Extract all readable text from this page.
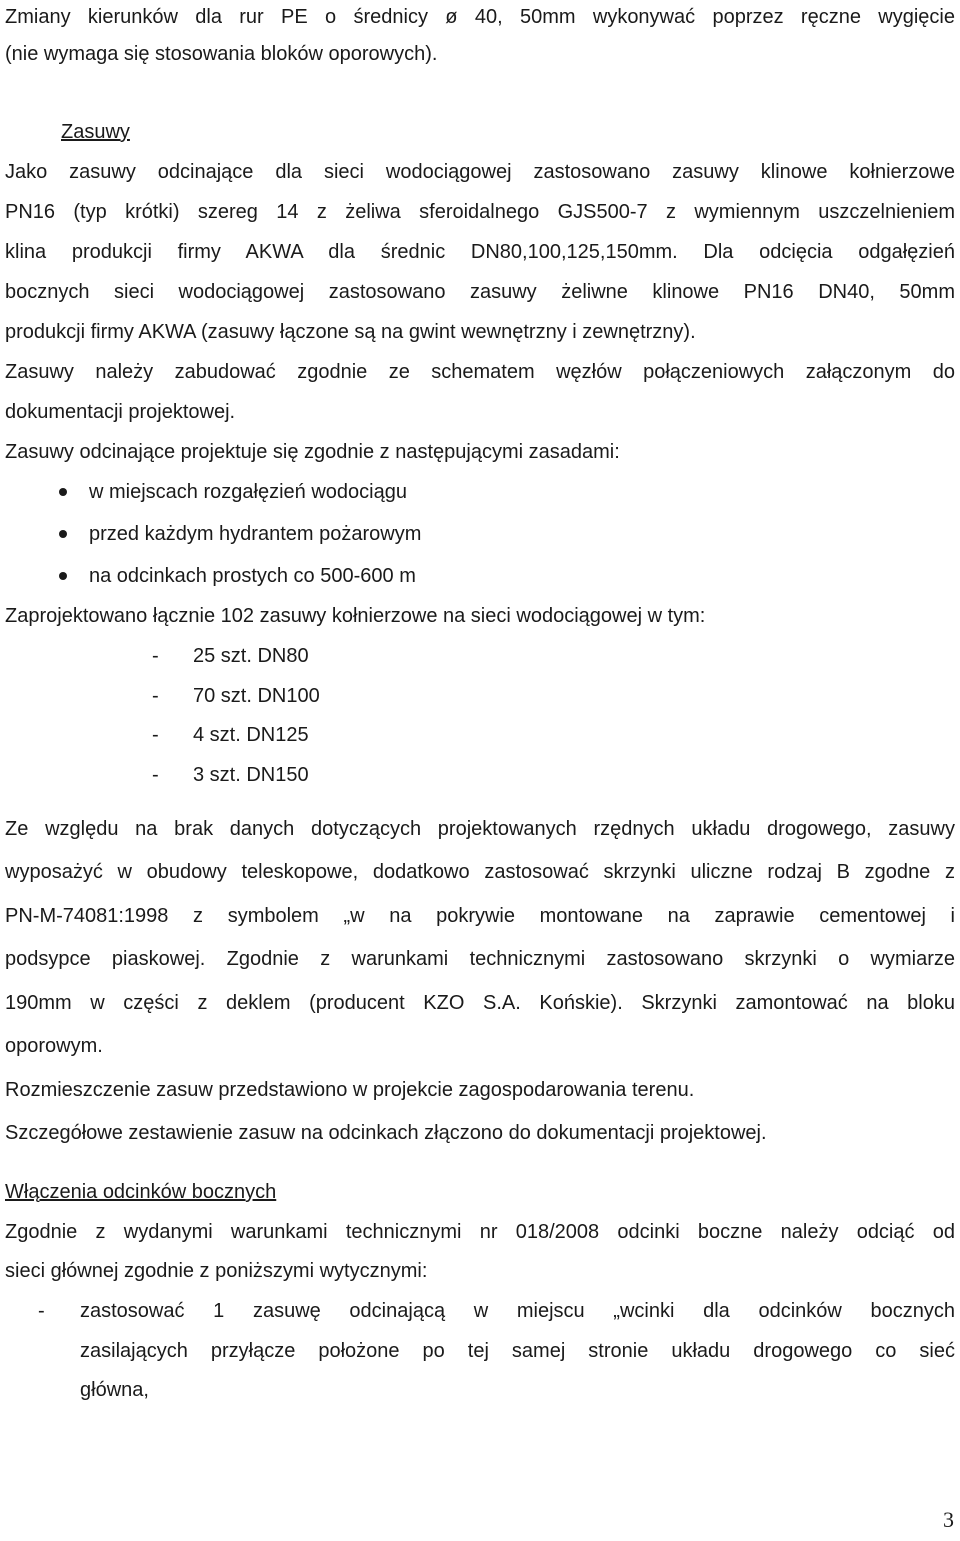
Zmiany kierunków dla rur PE o średnicy ø 40, 50mm wykonywać poprzez ręczne wygięcie
(nie wymaga się stosowania bloków oporowych).
Zasuwy
Jako zasuwy odcinające dla sieci wodociągowej zastosowano zasuwy klinowe kołnierzowe
PN16 (typ krótki) szereg 14 z żeliwa sferoidalnego GJS500-7 z wymiennym uszczelnieniem
klina produkcji firmy AKWA dla średnic DN80,100,125,150mm. Dla odcięcia odgałęzień
bocznych sieci wodociągowej zastosowano zasuwy żeliwne klinowe PN16 DN40, 50mm
produkcji firmy AKWA (zasuwy łączone są na gwint wewnętrzny i zewnętrzny).
Zasuwy należy zabudować zgodnie ze schematem węzłów połączeniowych załączonym do
dokumentacji projektowej.
Zasuwy odcinające projektuje się zgodnie z następującymi zasadami:
w miejscach rozgałęzień wodociągu
przed każdym hydrantem pożarowym
na odcinkach prostych co 500-600 m
Zaprojektowano łącznie 102 zasuwy kołnierzowe na sieci wodociągowej w tym:
- 25 szt. DN80
- 70 szt. DN100
- 4 szt. DN125
- 3 szt. DN150
Ze względu na brak danych dotyczących projektowanych rzędnych układu drogowego, zasuwy
wyposażyć w obudowy teleskopowe, dodatkowo zastosować skrzynki uliczne rodzaj B zgodne z
PN-M-74081:1998 z symbolem „w na pokrywie montowane na zaprawie cementowej i
podsypce piaskowej. Zgodnie z warunkami technicznymi zastosowano skrzynki o wymiarze
190mm w części z deklem (producent KZO S.A. Końskie). Skrzynki zamontować na bloku
oporowym.
Rozmieszczenie zasuw przedstawiono w projekcie zagospodarowania terenu.
Szczegółowe zestawienie zasuw na odcinkach złączono do dokumentacji projektowej.
Włączenia odcinków bocznych
Zgodnie z wydanymi warunkami technicznymi nr 018/2008 odcinki boczne należy odciąć od
sieci głównej zgodnie z poniższymi wytycznymi:
- zastosować 1 zasuwę odcinającą w miejscu „wcinki dla odcinków bocznych
zasilających przyłącze położone po tej samej stronie układu drogowego co sieć
główna,
3
